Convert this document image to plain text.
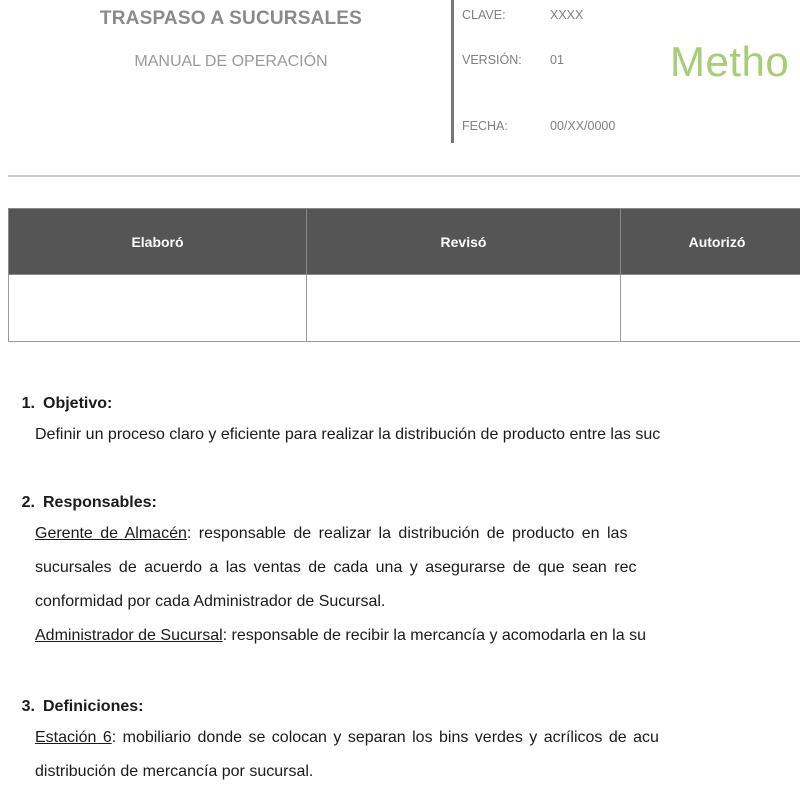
TRASPASO A SUCURSALES
MANUAL DE OPERACIÓN
CLAVE:	XXXX
VERSIÓN: 01
FECHA:	00/XX/0000
Metho
Elaboró	Revisó	Autorizó

1. Objetivo:

Definir un proceso claro y eficiente para realizar la distribución de producto entre las suc

2. Responsables:

Gerente de Almacén: responsable de realizar la distribución de producto en las

sucursales de acuerdo a las ventas de cada una y asegurarse de que sean rec

conformidad por cada Administrador de Sucursal.

Administrador de Sucursal: responsable de recibir la mercancía y acomodarla en la su

3. Definiciones:

Estación 6: mobiliario donde se colocan y separan los bins verdes y acrílicos de acu

distribución de mercancía por sucursal.
